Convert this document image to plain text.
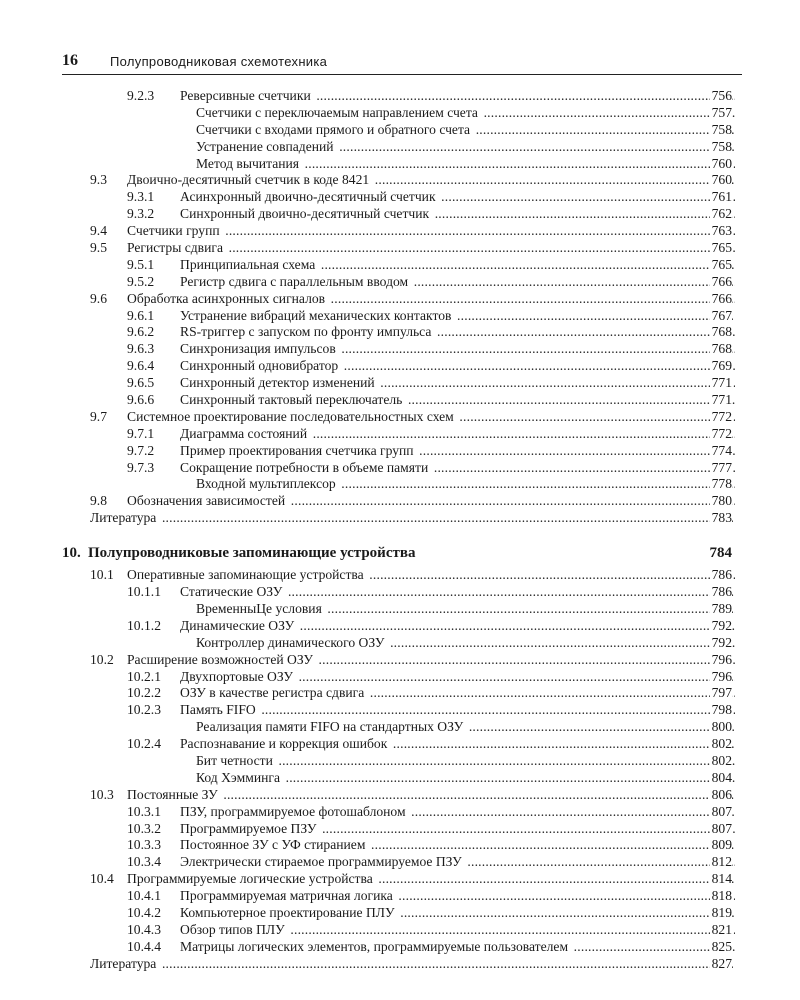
16 Полупроводниковая схемотехника
9.2.3 Реверсивные счетчики .....	756
Счетчики с переключаемым направлением счета .....	757
Счетчики с входами прямого и обратного счета .....	758
Устранение совпадений .....	758
Метод вычитания .....	760
9.3 Двоично-десятичный счетчик в коде 8421 .....	760
9.3.1 Асинхронный двоично-десятичный счетчик .....	761
9.3.2 Синхронный двоично-десятичный счетчик .....	762
9.4 Счетчики групп .....	763
9.5 Регистры сдвига .....	765
9.5.1 Принципиальная схема .....	765
9.5.2 Регистр сдвига с параллельным вводом .....	766
9.6 Обработка асинхронных сигналов .....	766
9.6.1 Устранение вибраций механических контактов .....	767
9.6.2 RS-триггер с запуском по фронту импульса .....	768
9.6.3 Синхронизация импульсов .....	768
9.6.4 Синхронный одновибратор .....	769
9.6.5 Синхронный детектор изменений .....	771
9.6.6 Синхронный тактовый переключатель .....	771
9.7 Системное проектирование последовательностных схем .....	772
9.7.1 Диаграмма состояний .....	772
9.7.2 Пример проектирования счетчика групп .....	774
9.7.3 Сокращение потребности в объеме памяти .....	777
Входной мультиплексор .....	778
9.8 Обозначения зависимостей .....	780
Литература .....	783
10. Полупроводниковые запоминающие устройства	784
10.1 Оперативные запоминающие устройства .....	786
10.1.1 Статические ОЗУ .....	786
ВременныЦе условия .....	789
10.1.2 Динамические ОЗУ .....	792
Контроллер динамического ОЗУ .....	792
10.2 Расширение возможностей ОЗУ .....	796
10.2.1 Двухпортовые ОЗУ .....	796
10.2.2 ОЗУ в качестве регистра сдвига .....	797
10.2.3 Память FIFO .....	798
Реализация памяти FIFO на стандартных ОЗУ .....	800
10.2.4 Распознавание и коррекция ошибок .....	802
Бит четности .....	802
Код Хэмминга .....	804
10.3 Постоянные ЗУ .....	806
10.3.1 ПЗУ, программируемое фотошаблоном .....	807
10.3.2 Программируемое ПЗУ .....	807
10.3.3 Постоянное ЗУ с УФ стиранием .....	809
10.3.4 Электрически стираемое программируемое ПЗУ .....	812
10.4 Программируемые логические устройства .....	814
10.4.1 Программируемая матричная логика .....	818
10.4.2 Компьютерное проектирование ПЛУ .....	819
10.4.3 Обзор типов ПЛУ .....	821
10.4.4 Матрицы логических элементов, программируемые пользователем .....	825
Литература .....	827
